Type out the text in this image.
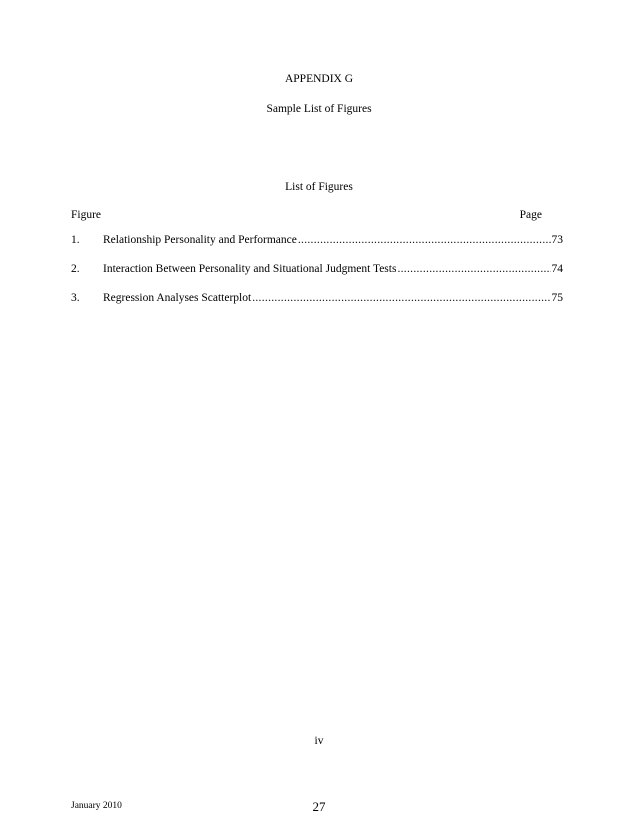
APPENDIX G
Sample List of Figures
List of Figures
Figure	Page
1.	Relationship Personality and Performance .....	73
2.	Interaction Between Personality and Situational Judgment Tests .....	74
3.	Regression Analyses Scatterplot .....	75
iv
January 2010	27
